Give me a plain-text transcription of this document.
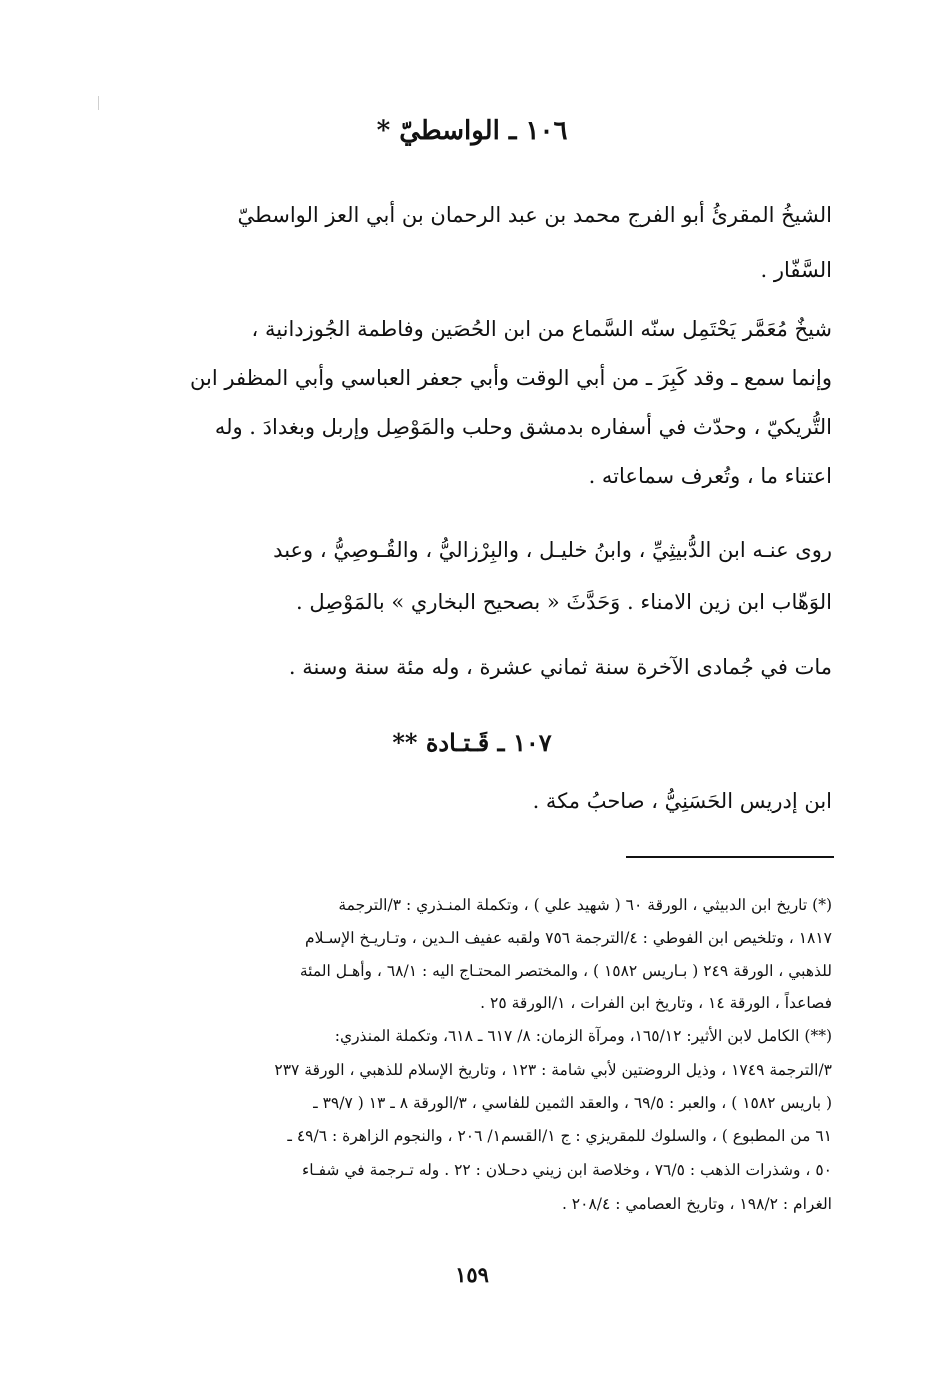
١٠٦ ـ الواسطيّ *
الشيخُ المقرئُ أبو الفرج محمد بن عبد الرحمان بن أبي العز الواسطيّ
السَّفّار .
شيخٌ مُعَمَّر يَحْتَمِل سنّه السَّماع من ابن الحُصَين وفاطمة الجُوزدانية ،
وإنما سمع ـ وقد كَبِرَ ـ من أبي الوقت وأبي جعفر العباسي وأبي المظفر ابن
التُّريكيّ ، وحدّث في أسفاره بدمشق وحلب والمَوْصِل وإربل وبغدادَ . وله
اعتناء ما ، وتُعرف سماعاته .
روى عنـه ابن الدُّبيثِيِّ ، وابنُ خليـل ، والبِرْزاليُّ ، والقُـوصِيُّ ، وعبد
الوَهّاب ابن زين الامناء . وَحَدَّثَ « بصحيح البخاري » بالمَوْصِل .
مات في جُمادى الآخرة سنة ثماني عشرة ، وله مئة سنة وسنة .
١٠٧ ـ قَـتـادة **
ابن إدريس الحَسَنِيُّ ، صاحبُ مكة .
(*) تاريخ ابن الدبيثي ، الورقة ٦٠ ( شهيد علي ) ، وتكملة المنـذري : ٣/الترجمة
١٨١٧ ، وتلخيص ابن الفوطي : ٤/الترجمة ٧٥٦ ولقبه عفيف الـدين ، وتـاريـخ الإسـلام
للذهبي ، الورقة ٢٤٩ ( بـاريس ١٥٨٢ ) ، والمختصر المحتـاج اليه : ٦٨/١ ، وأهـل المئة
فصاعداً ، الورقة ١٤ ، وتاريخ ابن الفرات ، ١/الورقة ٢٥ .
(**) الكامل لابن الأثير: ١٦٥/١٢، ومرآة الزمان: ٨/ ٦١٧ ـ ٦١٨، وتكملة المنذري:
٣/الترجمة ١٧٤٩ ، وذيل الروضتين لأبي شامة : ١٢٣ ، وتاريخ الإسلام للذهبي ، الورقة ٢٣٧
( باريس ١٥٨٢ ) ، والعبر : ٦٩/٥ ، والعقد الثمين للفاسي ، ٣/الورقة ٨ ـ ١٣ ( ٣٩/٧ ـ
٦١ من المطبوع ) ، والسلوك للمقريزي : ج ١/القسم١/ ٢٠٦ ، والنجوم الزاهرة : ٤٩/٦ ـ
٥٠ ، وشذرات الذهب : ٧٦/٥ ، وخلاصة ابن زيني دحـلان : ٢٢ . وله تـرجمة في شفـاء
الغرام : ١٩٨/٢ ، وتاريخ العصامي : ٢٠٨/٤ .
١٥٩
